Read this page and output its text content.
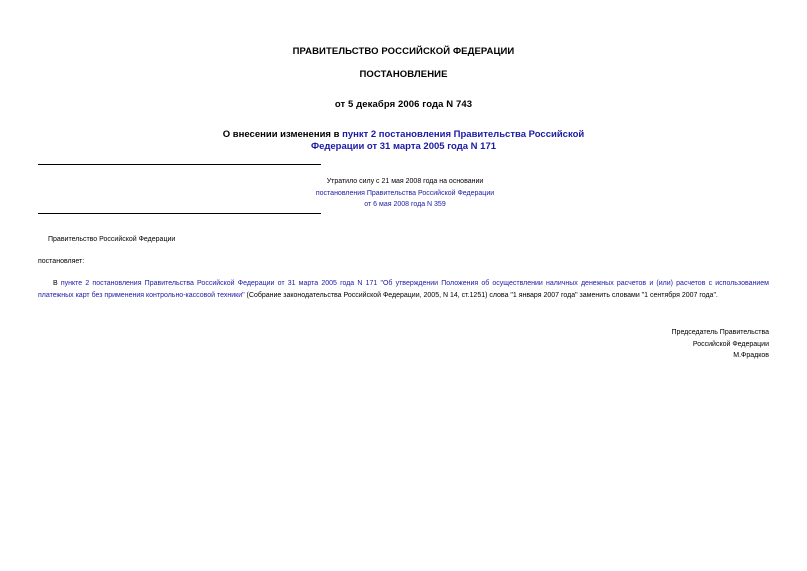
ПРАВИТЕЛЬСТВО РОССИЙСКОЙ ФЕДЕРАЦИИ
ПОСТАНОВЛЕНИЕ
от 5 декабря 2006 года N 743
О внесении изменения в пункт 2 постановления Правительства Российской Федерации от 31 марта 2005 года N 171
Утратило силу с 21 мая 2008 года на основании
постановления Правительства Российской Федерации
от 6 мая 2008 года N 359
Правительство Российской Федерации
постановляет:
В пункте 2 постановления Правительства Российской Федерации от 31 марта 2005 года N 171 "Об утверждении Положения об осуществлении наличных денежных расчетов и (или) расчетов с использованием платежных карт без применения контрольно-кассовой техники" (Собрание законодательства Российской Федерации, 2005, N 14, ст.1251) слова "1 января 2007 года" заменить словами "1 сентября 2007 года".
Председатель Правительства
Российской Федерации
М.Фрадков
